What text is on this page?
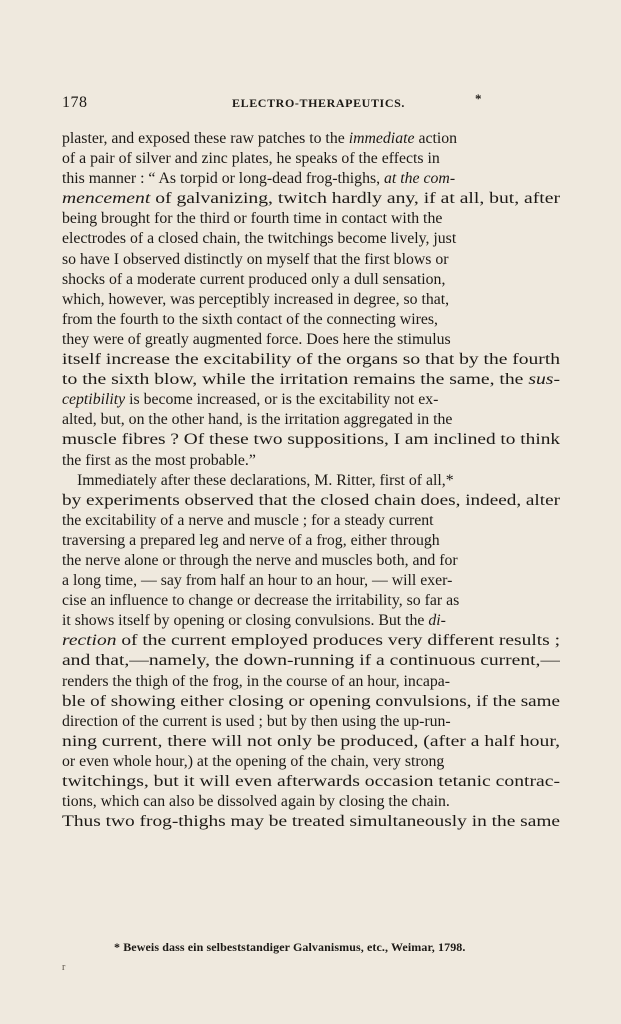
178	ELECTRO-THERAPEUTICS.	*
plaster, and exposed these raw patches to the immediate action
of a pair of silver and zinc plates, he speaks of the effects in
this manner : “ As torpid or long-dead frog-thighs, at the com-
mencement of galvanizing, twitch hardly any, if at all, but, after
being brought for the third or fourth time in contact with the
electrodes of a closed chain, the twitchings become lively, just
so have I observed distinctly on myself that the first blows or
shocks of a moderate current produced only a dull sensation,
which, however, was perceptibly increased in degree, so that,
from the fourth to the sixth contact of the connecting wires,
they were of greatly augmented force. Does here the stimulus
itself increase the excitability of the organs so that by the fourth
to the sixth blow, while the irritation remains the same, the sus-
ceptibility is become increased, or is the excitability not ex-
alted, but, on the other hand, is the irritation aggregated in the
muscle fibres ? Of these two suppositions, I am inclined to think
the first as the most probable.”
Immediately after these declarations, M. Ritter, first of all,*
by experiments observed that the closed chain does, indeed, alter
the excitability of a nerve and muscle ; for a steady current
traversing a prepared leg and nerve of a frog, either through
the nerve alone or through the nerve and muscles both, and for
a long time, — say from half an hour to an hour, — will exer-
cise an influence to change or decrease the irritability, so far as
it shows itself by opening or closing convulsions. But the di-
rection of the current employed produces very different results ;
and that,—namely, the down-running if a continuous current,—
renders the thigh of the frog, in the course of an hour, incapa-
ble of showing either closing or opening convulsions, if the same
direction of the current is used ; but by then using the up-run-
ning current, there will not only be produced, (after a half hour,
or even whole hour,) at the opening of the chain, very strong
twitchings, but it will even afterwards occasion tetanic contrac-
tions, which can also be dissolved again by closing the chain.
Thus two frog-thighs may be treated simultaneously in the same
* Beweis dass ein selbeststandiger Galvanismus, etc., Weimar, 1798.
r
